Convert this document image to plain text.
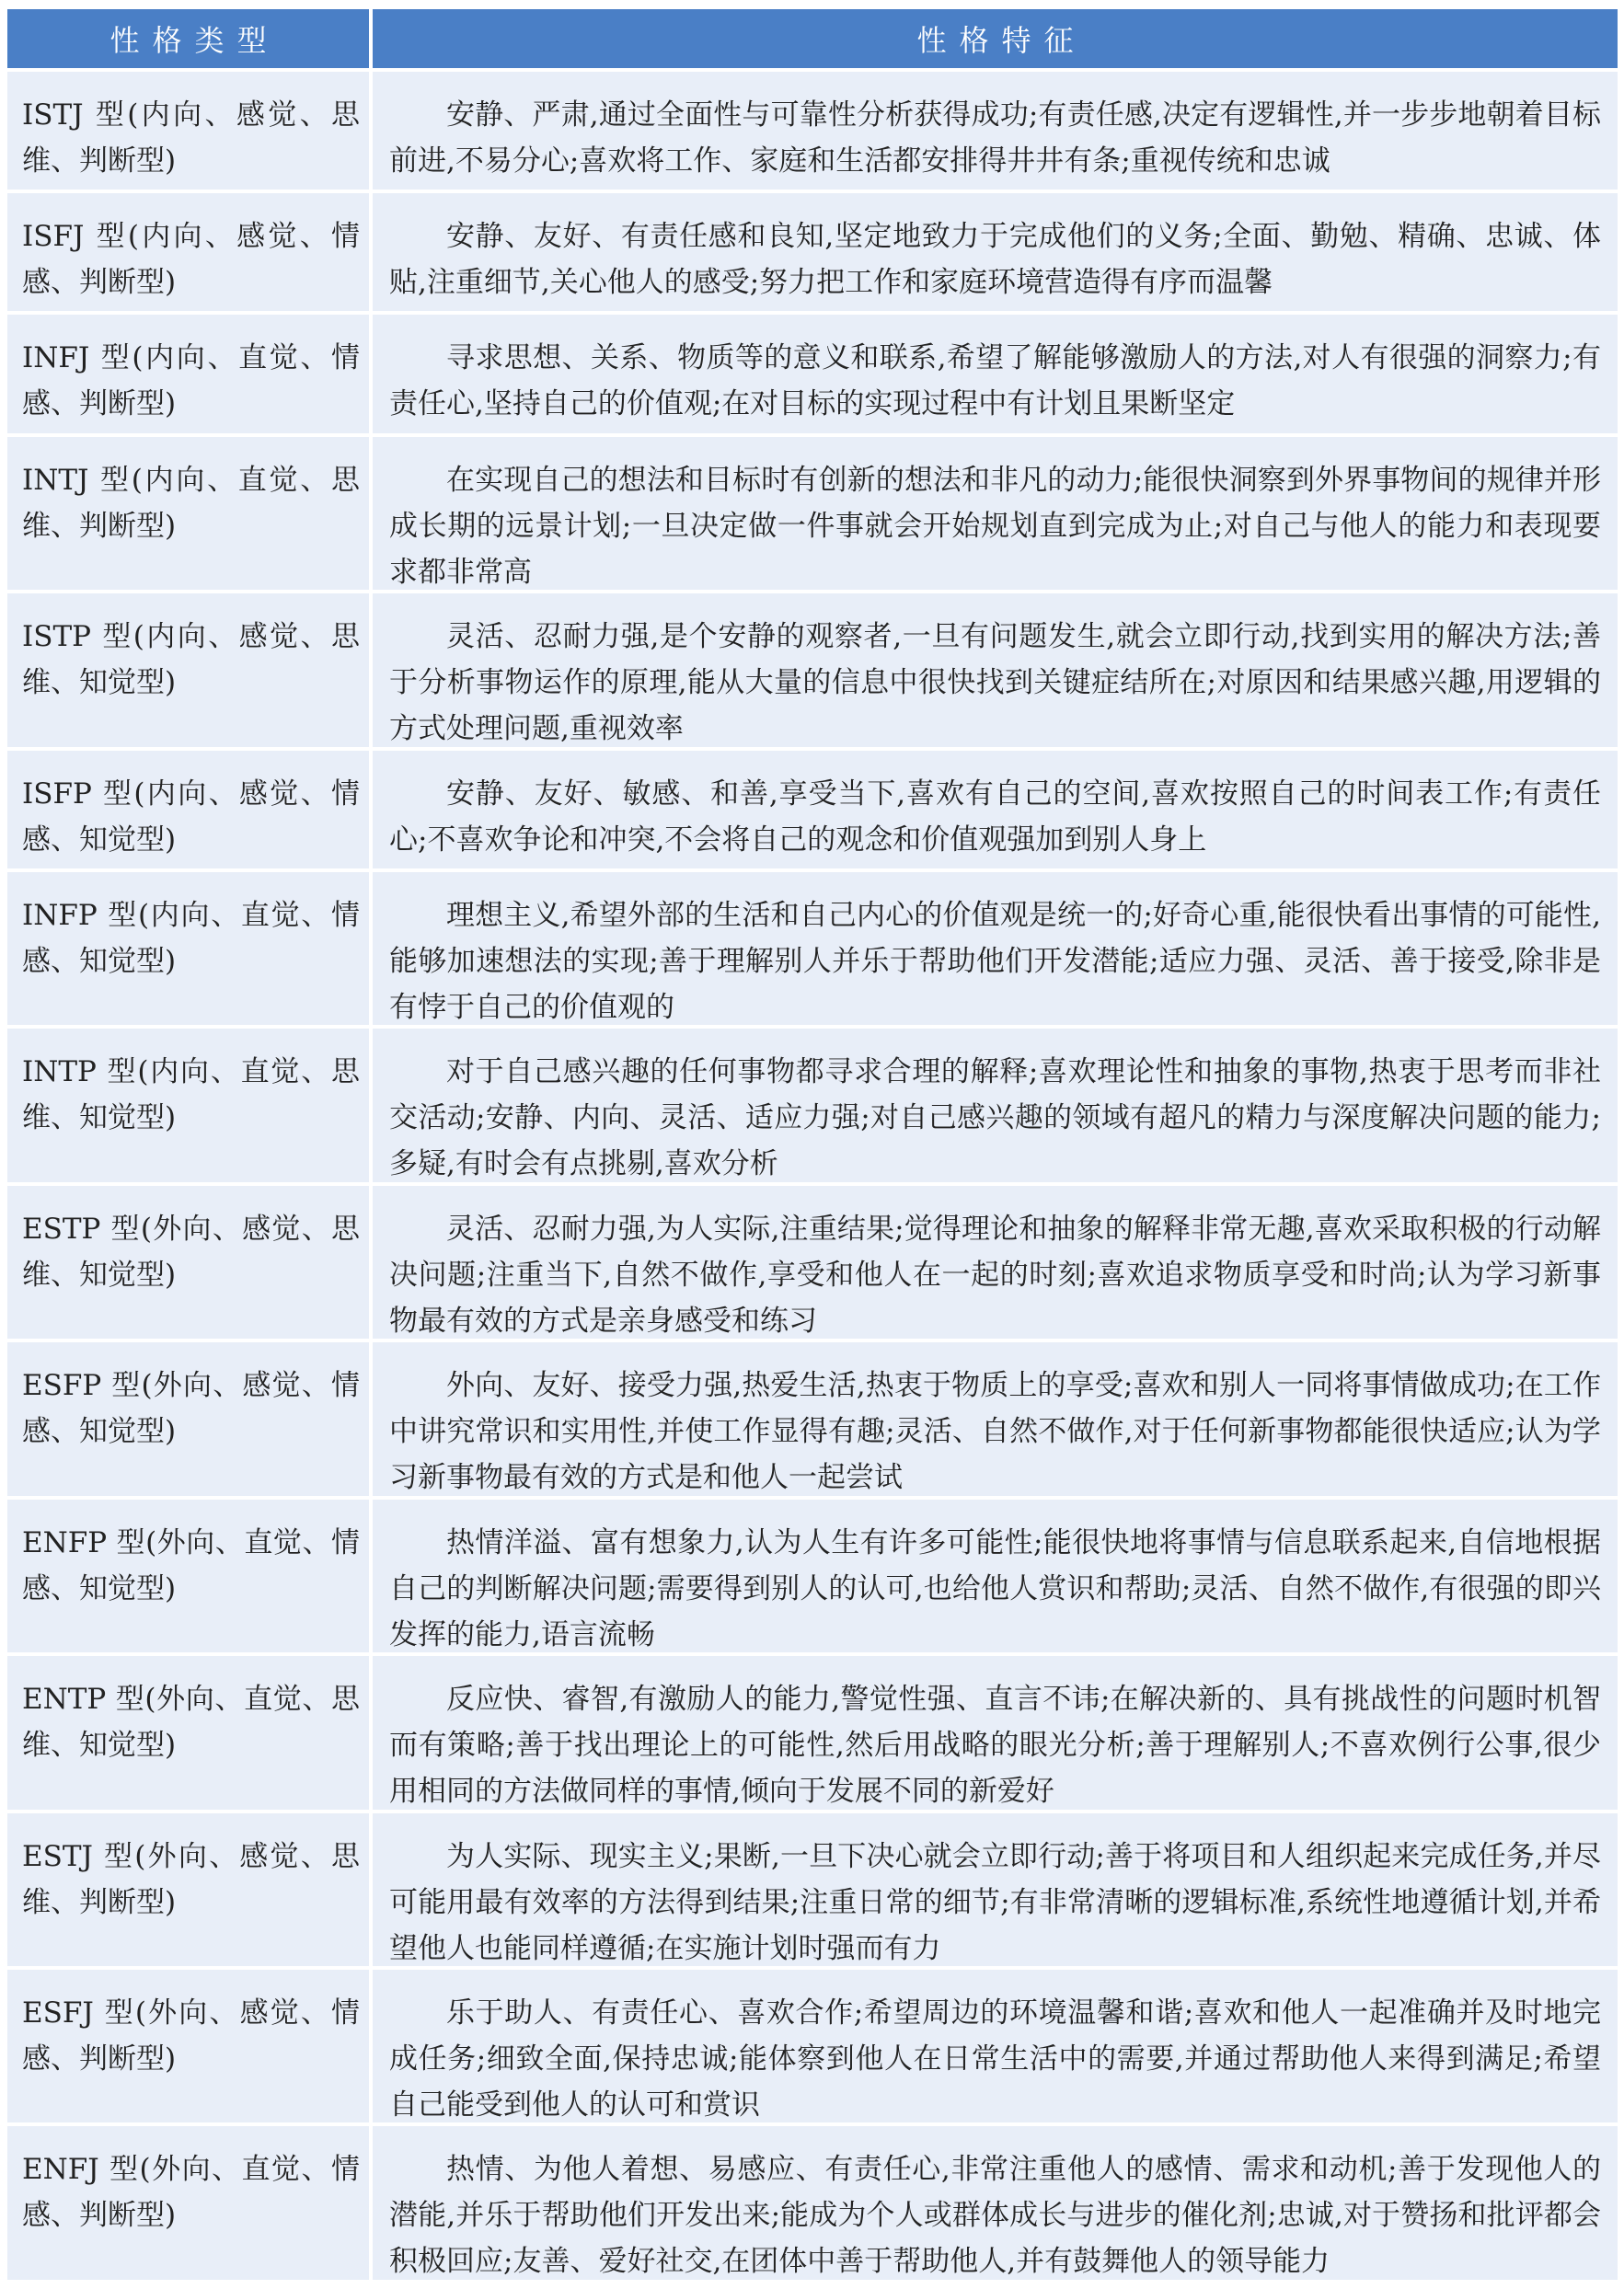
性格类型	性格特征
ISTJ 型(内向、感觉、思维、判断型)
安静、严肃,通过全面性与可靠性分析获得成功;有责任感,决定有逻辑性,并一步步地朝着目标前进,不易分心;喜欢将工作、家庭和生活都安排得井井有条;重视传统和忠诚
ISFJ 型(内向、感觉、情感、判断型)
安静、友好、有责任感和良知,坚定地致力于完成他们的义务;全面、勤勉、精确、忠诚、体贴,注重细节,关心他人的感受;努力把工作和家庭环境营造得有序而温馨
INFJ 型(内向、直觉、情感、判断型)
寻求思想、关系、物质等的意义和联系,希望了解能够激励人的方法,对人有很强的洞察力;有责任心,坚持自己的价值观;在对目标的实现过程中有计划且果断坚定
INTJ 型(内向、直觉、思维、判断型)
在实现自己的想法和目标时有创新的想法和非凡的动力;能很快洞察到外界事物间的规律并形成长期的远景计划;一旦决定做一件事就会开始规划直到完成为止;对自己与他人的能力和表现要求都非常高
ISTP 型(内向、感觉、思维、知觉型)
灵活、忍耐力强,是个安静的观察者,一旦有问题发生,就会立即行动,找到实用的解决方法;善于分析事物运作的原理,能从大量的信息中很快找到关键症结所在;对原因和结果感兴趣,用逻辑的方式处理问题,重视效率
ISFP 型(内向、感觉、情感、知觉型)
安静、友好、敏感、和善,享受当下,喜欢有自己的空间,喜欢按照自己的时间表工作;有责任心;不喜欢争论和冲突,不会将自己的观念和价值观强加到别人身上
INFP 型(内向、直觉、情感、知觉型)
理想主义,希望外部的生活和自己内心的价值观是统一的;好奇心重,能很快看出事情的可能性,能够加速想法的实现;善于理解别人并乐于帮助他们开发潜能;适应力强、灵活、善于接受,除非是有悖于自己的价值观的
INTP 型(内向、直觉、思维、知觉型)
对于自己感兴趣的任何事物都寻求合理的解释;喜欢理论性和抽象的事物,热衷于思考而非社交活动;安静、内向、灵活、适应力强;对自己感兴趣的领域有超凡的精力与深度解决问题的能力;多疑,有时会有点挑剔,喜欢分析
ESTP 型(外向、感觉、思维、知觉型)
灵活、忍耐力强,为人实际,注重结果;觉得理论和抽象的解释非常无趣,喜欢采取积极的行动解决问题;注重当下,自然不做作,享受和他人在一起的时刻;喜欢追求物质享受和时尚;认为学习新事物最有效的方式是亲身感受和练习
ESFP 型(外向、感觉、情感、知觉型)
外向、友好、接受力强,热爱生活,热衷于物质上的享受;喜欢和别人一同将事情做成功;在工作中讲究常识和实用性,并使工作显得有趣;灵活、自然不做作,对于任何新事物都能很快适应;认为学习新事物最有效的方式是和他人一起尝试
ENFP 型(外向、直觉、情感、知觉型)
热情洋溢、富有想象力,认为人生有许多可能性;能很快地将事情与信息联系起来,自信地根据自己的判断解决问题;需要得到别人的认可,也给他人赏识和帮助;灵活、自然不做作,有很强的即兴发挥的能力,语言流畅
ENTP 型(外向、直觉、思维、知觉型)
反应快、睿智,有激励人的能力,警觉性强、直言不讳;在解决新的、具有挑战性的问题时机智而有策略;善于找出理论上的可能性,然后用战略的眼光分析;善于理解别人;不喜欢例行公事,很少用相同的方法做同样的事情,倾向于发展不同的新爱好
ESTJ 型(外向、感觉、思维、判断型)
为人实际、现实主义;果断,一旦下决心就会立即行动;善于将项目和人组织起来完成任务,并尽可能用最有效率的方法得到结果;注重日常的细节;有非常清晰的逻辑标准,系统性地遵循计划,并希望他人也能同样遵循;在实施计划时强而有力
ESFJ 型(外向、感觉、情感、判断型)
乐于助人、有责任心、喜欢合作;希望周边的环境温馨和谐;喜欢和他人一起准确并及时地完成任务;细致全面,保持忠诚;能体察到他人在日常生活中的需要,并通过帮助他人来得到满足;希望自己能受到他人的认可和赏识
ENFJ 型(外向、直觉、情感、判断型)
热情、为他人着想、易感应、有责任心,非常注重他人的感情、需求和动机;善于发现他人的潜能,并乐于帮助他们开发出来;能成为个人或群体成长与进步的催化剂;忠诚,对于赞扬和批评都会积极回应;友善、爱好社交,在团体中善于帮助他人,并有鼓舞他人的领导能力
